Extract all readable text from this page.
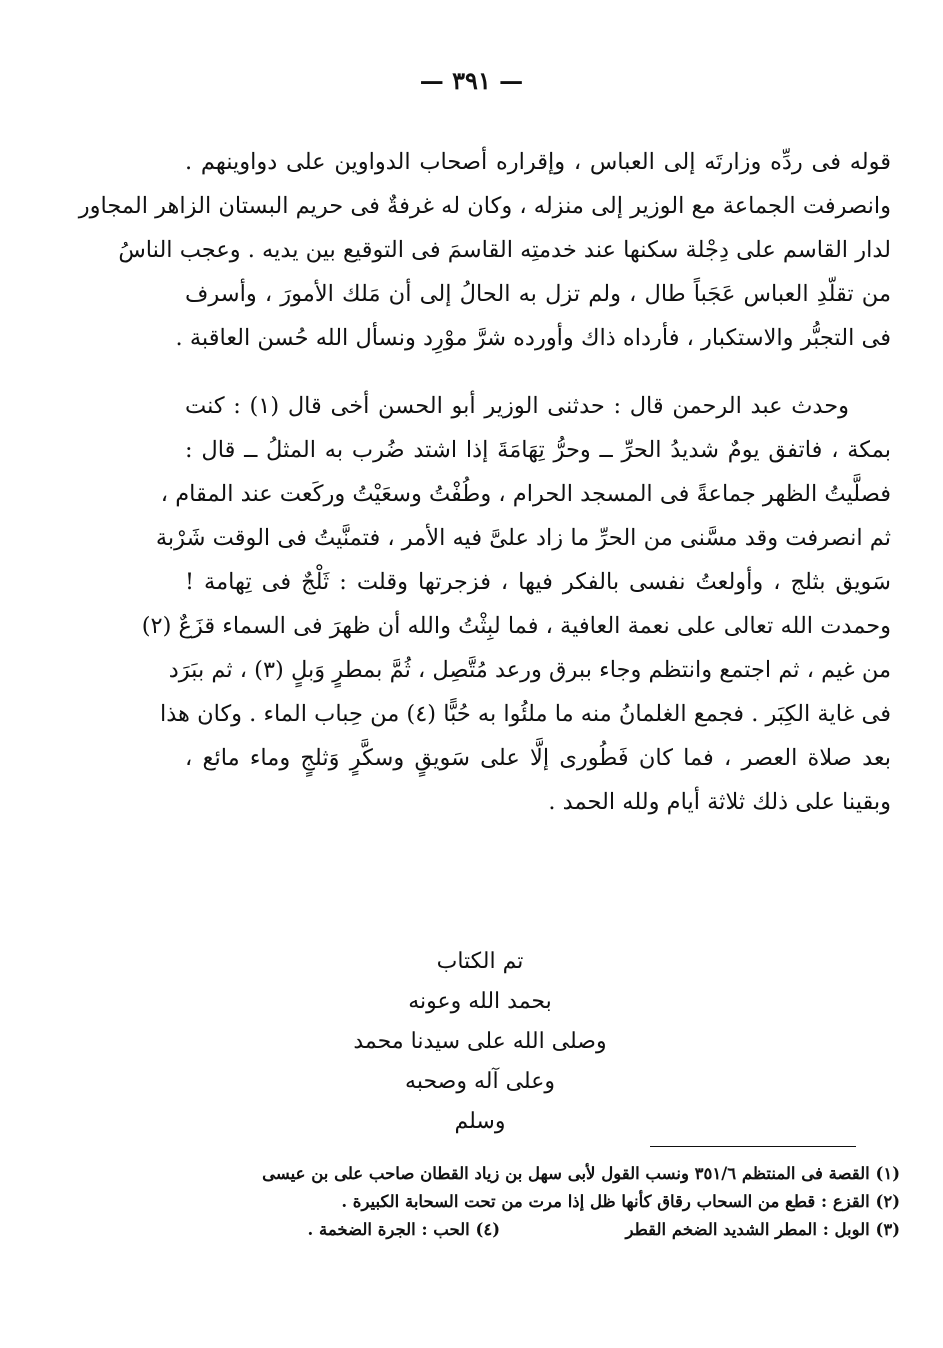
— ٣٩١ —
قوله فى ردِّه وزارتَه إلى العباس ، وإقراره أصحاب الدواوين على دواوينهم .
وانصرفت الجماعة مع الوزير إلى منزله ، وكان له غرفةٌ فى حريم البستان الزاهر المجاور
لدار القاسم على دِجْلة سكنها عند خدمتِه القاسمَ فى التوقيع بين يديه . وعجب الناسُ
من تقلّدِ العباس عَجَباً طال ، ولم تزل به الحالُ إلى أن مَلك الأمورَ ، وأسرف
فى التجبُّر والاستكبار ، فأرداه ذاك وأورده شرَّ موْرِد ونسأل الله حُسن العاقبة .
وحدث عبد الرحمن قال : حدثنى الوزير أبو الحسن أخى قال (١) : كنت
بمكة ، فاتفق يومٌ شديدُ الحرِّ ــ وحرُّ تِهَامَةَ إذا اشتد ضُرب به المثلُ ــ قال :
فصلَّيتُ الظهر جماعةً فى المسجد الحرام ، وطُفْتُ وسعَيْتُ وركَعت عند المقام ،
ثم انصرفت وقد مسَّنى من الحرِّ ما زاد علىَّ فيه الأمر ، فتمنَّيتُ فى الوقت شَرْبة
سَويق بثلج ، وأولعتُ نفسى بالفكر فيها ، فزجرتها وقلت : ثَلْجٌ فى تِهامة !
وحمدت الله تعالى على نعمة العافية ، فما لبِثْتُ والله أن ظهرَ فى السماء قزَعٌ (٢)
من غيم ، ثم اجتمع وانتظم وجاء ببرق ورعد مُتَّصِل ، ثُمَّ بمطرٍ وَبلٍ (٣) ، ثم ببَرَد
فى غاية الكِبَر . فجمع الغلمانُ منه ما ملئُوا به حُبًّا (٤) من حِباب الماء . وكان هذا
بعد صلاة العصر ، فما كان فَطُورى إلَّا على سَويقٍ وسكَّرٍ وَثلجٍ وماء مائع ،
وبقينا على ذلك ثلاثة أيام ولله الحمد .
تم الكتاب
بحمد الله وعونه
وصلى الله على سيدنا محمد
وعلى آله وصحبه
وسلم
(١) القصة فى المنتظم ٣٥١/٦ ونسب القول لأبى سهل بن زياد القطان صاحب على بن عيسى
(٢) القزع : قطع من السحاب رقاق كأنها ظل إذا مرت من تحت السحابة الكبيرة .
(٣) الوبل : المطر الشديد الضخم القطر
(٤) الحب : الجرة الضخمة .
